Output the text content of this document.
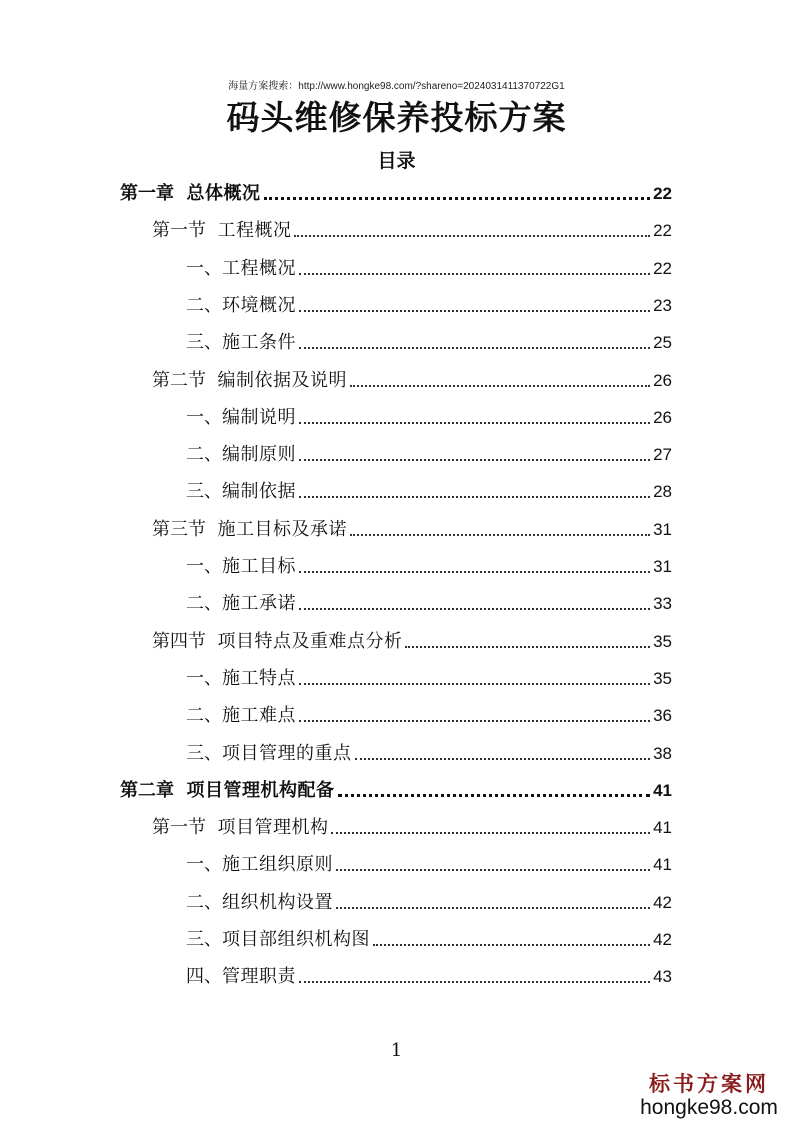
海量方案搜索：http://www.hongke98.com/?shareno=2024031411370722G1
码头维修保养投标方案
目录
第一章 总体概况	22
第一节 工程概况	22
一、 工程概况	22
二、 环境概况	23
三、 施工条件	25
第二节 编制依据及说明	26
一、 编制说明	26
二、 编制原则	27
三、 编制依据	28
第三节 施工目标及承诺	31
一、 施工目标	31
二、 施工承诺	33
第四节 项目特点及重难点分析	35
一、 施工特点	35
二、 施工难点	36
三、 项目管理的重点	38
第二章 项目管理机构配备	41
第一节 项目管理机构	41
一、 施工组织原则	41
二、 组织机构设置	42
三、 项目部组织机构图	42
四、 管理职责	43
1
标书方案网
hongke98.com
